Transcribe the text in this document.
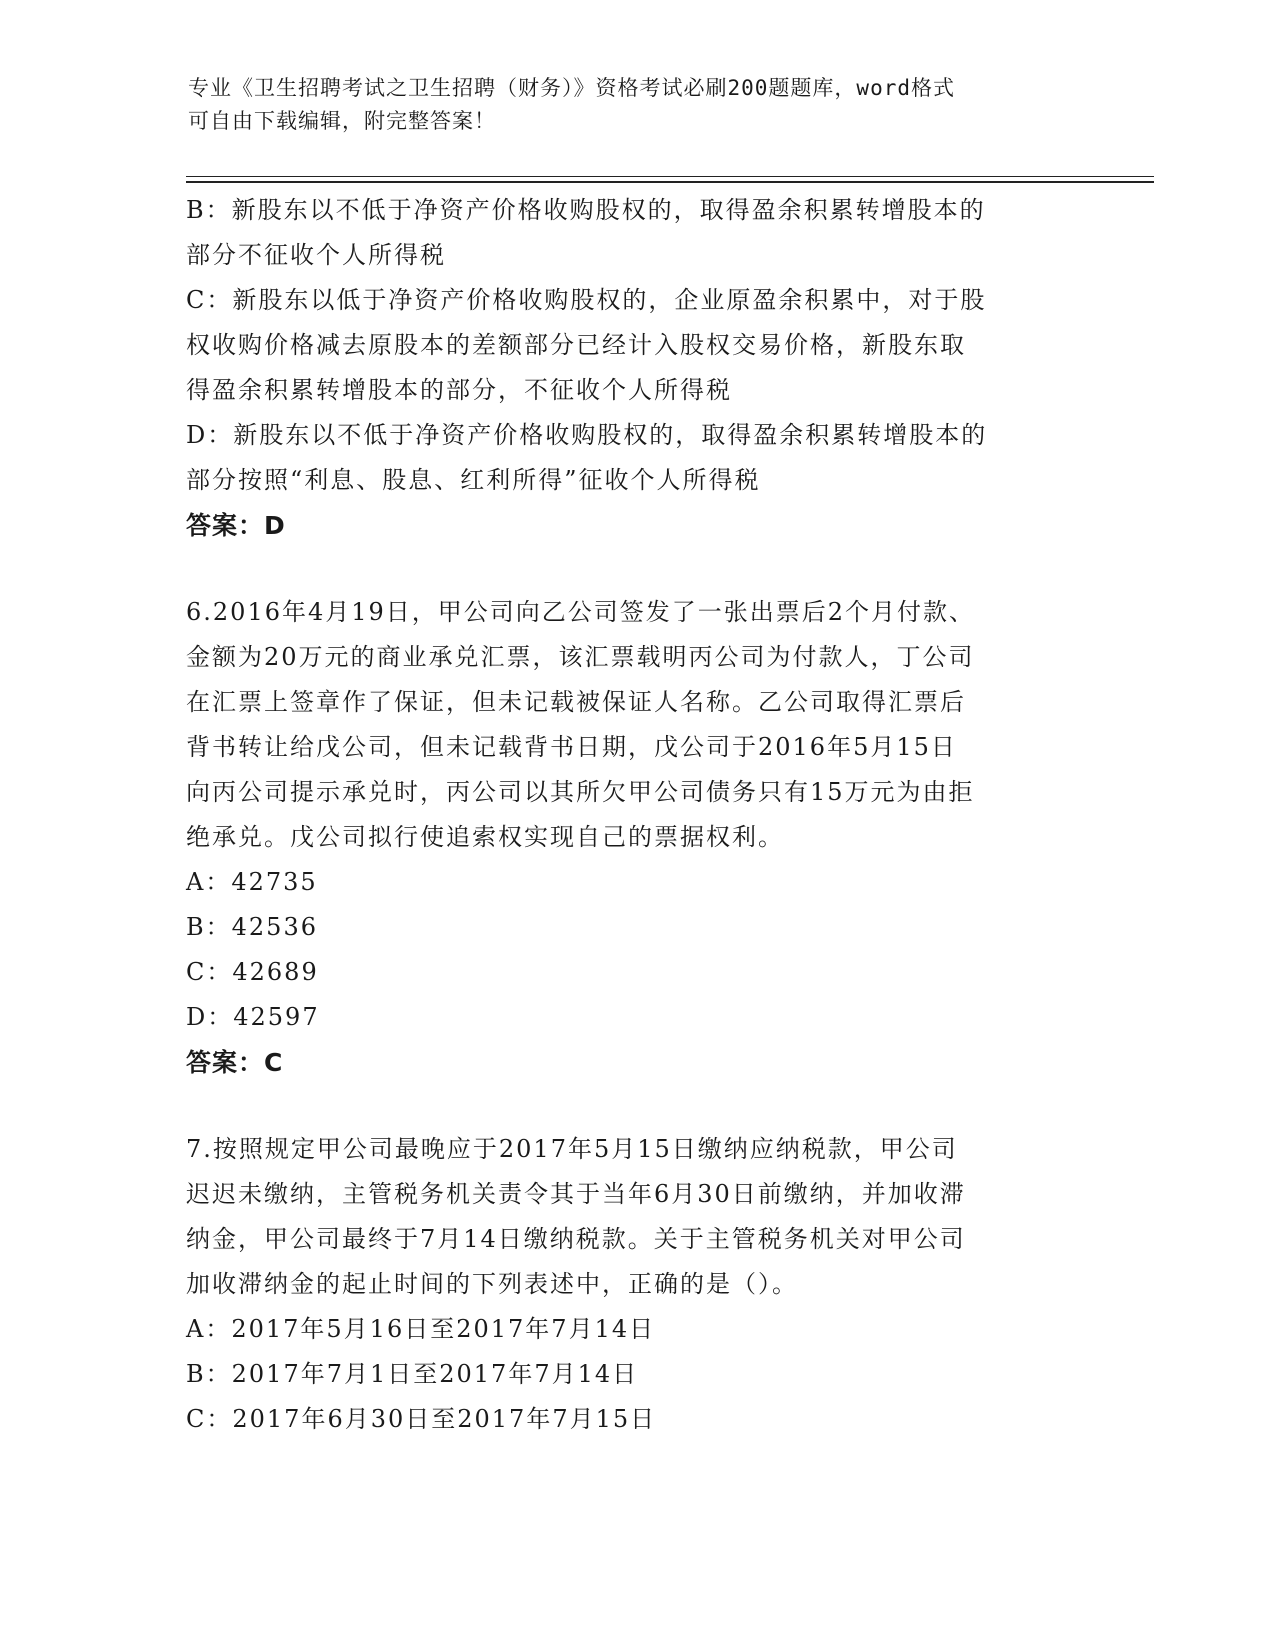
专业《卫生招聘考试之卫生招聘（财务）》资格考试必刷200题题库，word格式
可自由下载编辑，附完整答案！
B：新股东以不低于净资产价格收购股权的，取得盈余积累转增股本的
部分不征收个人所得税
C：新股东以低于净资产价格收购股权的，企业原盈余积累中，对于股
权收购价格减去原股本的差额部分已经计入股权交易价格，新股东取
得盈余积累转增股本的部分，不征收个人所得税
D：新股东以不低于净资产价格收购股权的，取得盈余积累转增股本的
部分按照“利息、股息、红利所得”征收个人所得税
答案：D
6.2016年4月19日，甲公司向乙公司签发了一张出票后2个月付款、
金额为20万元的商业承兑汇票，该汇票载明丙公司为付款人，丁公司
在汇票上签章作了保证，但未记载被保证人名称。乙公司取得汇票后
背书转让给戊公司，但未记载背书日期，戊公司于2016年5月15日
向丙公司提示承兑时，丙公司以其所欠甲公司债务只有15万元为由拒
绝承兑。戊公司拟行使追索权实现自己的票据权利。
A：42735
B：42536
C：42689
D：42597
答案：C
7.按照规定甲公司最晚应于2017年5月15日缴纳应纳税款，甲公司
迟迟未缴纳，主管税务机关责令其于当年6月30日前缴纳，并加收滞
纳金，甲公司最终于7月14日缴纳税款。关于主管税务机关对甲公司
加收滞纳金的起止时间的下列表述中，正确的是（）。
A：2017年5月16日至2017年7月14日
B：2017年7月1日至2017年7月14日
C：2017年6月30日至2017年7月15日
